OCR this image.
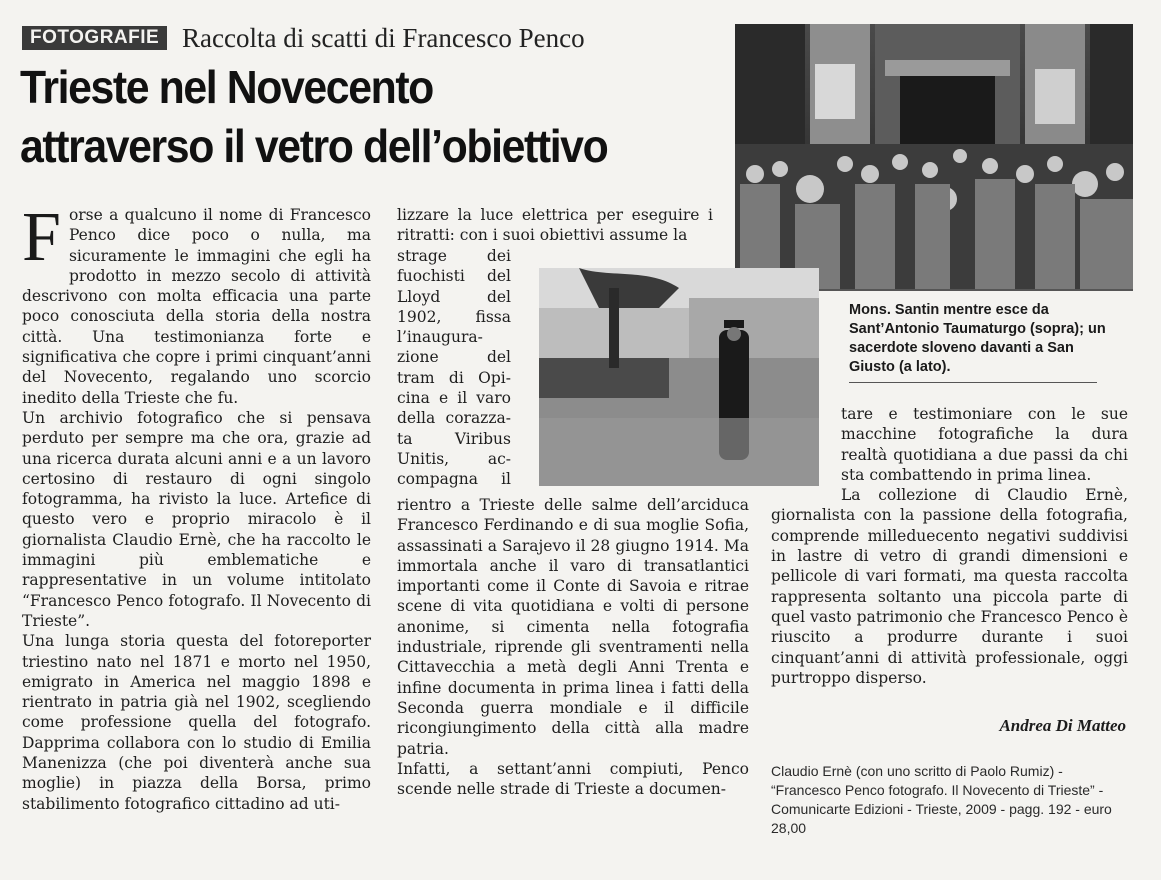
FOTOGRAFIE Raccolta di scatti di Francesco Penco
Trieste nel Novecento
attraverso il vetro dell’obiettivo

Forse a qualcuno il nome di Francesco Penco dice poco o nulla, ma sicuramente le immagini che egli ha prodotto in mezzo secolo di attività descrivono con molta efficacia una parte poco conosciuta della storia della nostra città. Una testimonianza forte e significativa che copre i primi cinquant’anni del Novecento, regalando uno scorcio inedito della Trieste che fu.

Un archivio fotografico che si pensava perduto per sempre ma che ora, grazie ad una ricerca durata alcuni anni e a un lavoro certosino di restauro di ogni singolo fotogramma, ha rivisto la luce. Artefice di questo vero e proprio miracolo è il giornalista Claudio Ernè, che ha raccolto le immagini più emblematiche e rappresentative in un volume intitolato “Francesco Penco fotografo. Il Novecento di Trieste”.

Una lunga storia questa del fotoreporter triestino nato nel 1871 e morto nel 1950, emigrato in America nel maggio 1898 e rientrato in patria già nel 1902, scegliendo come professione quella del fotografo. Dapprima collabora con lo studio di Emilia Manenizza (che poi diventerà anche sua moglie) in piazza della Borsa, primo stabilimento fotografico cittadino ad uti-

lizzare la luce elettrica per eseguire i ritratti: con i suoi obiettivi assume la
strage dei
fuochisti del
Lloyd del
1902, fissa
l’inaugura-
zione del
tram di Opi-
cina e il varo
della corazza-
ta Viribus
Unitis, ac-
compagna il

rientro a Trieste delle salme dell’arciduca Francesco Ferdinando e di sua moglie Sofia, assassinati a Sarajevo il 28 giugno 1914. Ma immortala anche il varo di transatlantici importanti come il Conte di Savoia e ritrae scene di vita quotidiana e volti di persone anonime, si cimenta nella fotografia industriale, riprende gli sventramenti nella Cittavecchia a metà degli Anni Trenta e infine documenta in prima linea i fatti della Seconda guerra mondiale e il difficile ricongiungimento della città alla madre patria.

Infatti, a settant’anni compiuti, Penco scende nelle strade di Trieste a documen-

Mons. Santin mentre esce da Sant’Antonio Taumaturgo (sopra); un sacerdote sloveno davanti a San Giusto (a lato).

tare e testimoniare con le sue macchine fotografiche la dura realtà quotidiana a due passi da chi sta combattendo in prima linea.

La collezione di Claudio Ernè, giornalista con la passione della fotografia, comprende milleduecento negativi suddivisi in lastre di vetro di grandi dimensioni e pellicole di vari formati, ma questa raccolta rappresenta soltanto una piccola parte di quel vasto patrimonio che Francesco Penco è riuscito a produrre durante i suoi cinquant’anni di attività professionale, oggi purtroppo disperso.

Andrea Di Matteo
Claudio Ernè (con uno scritto di Paolo Rumiz) - “Francesco Penco fotografo. Il Novecento di Trieste” - Comunicarte Edizioni - Trieste, 2009 - pagg. 192 - euro 28,00
